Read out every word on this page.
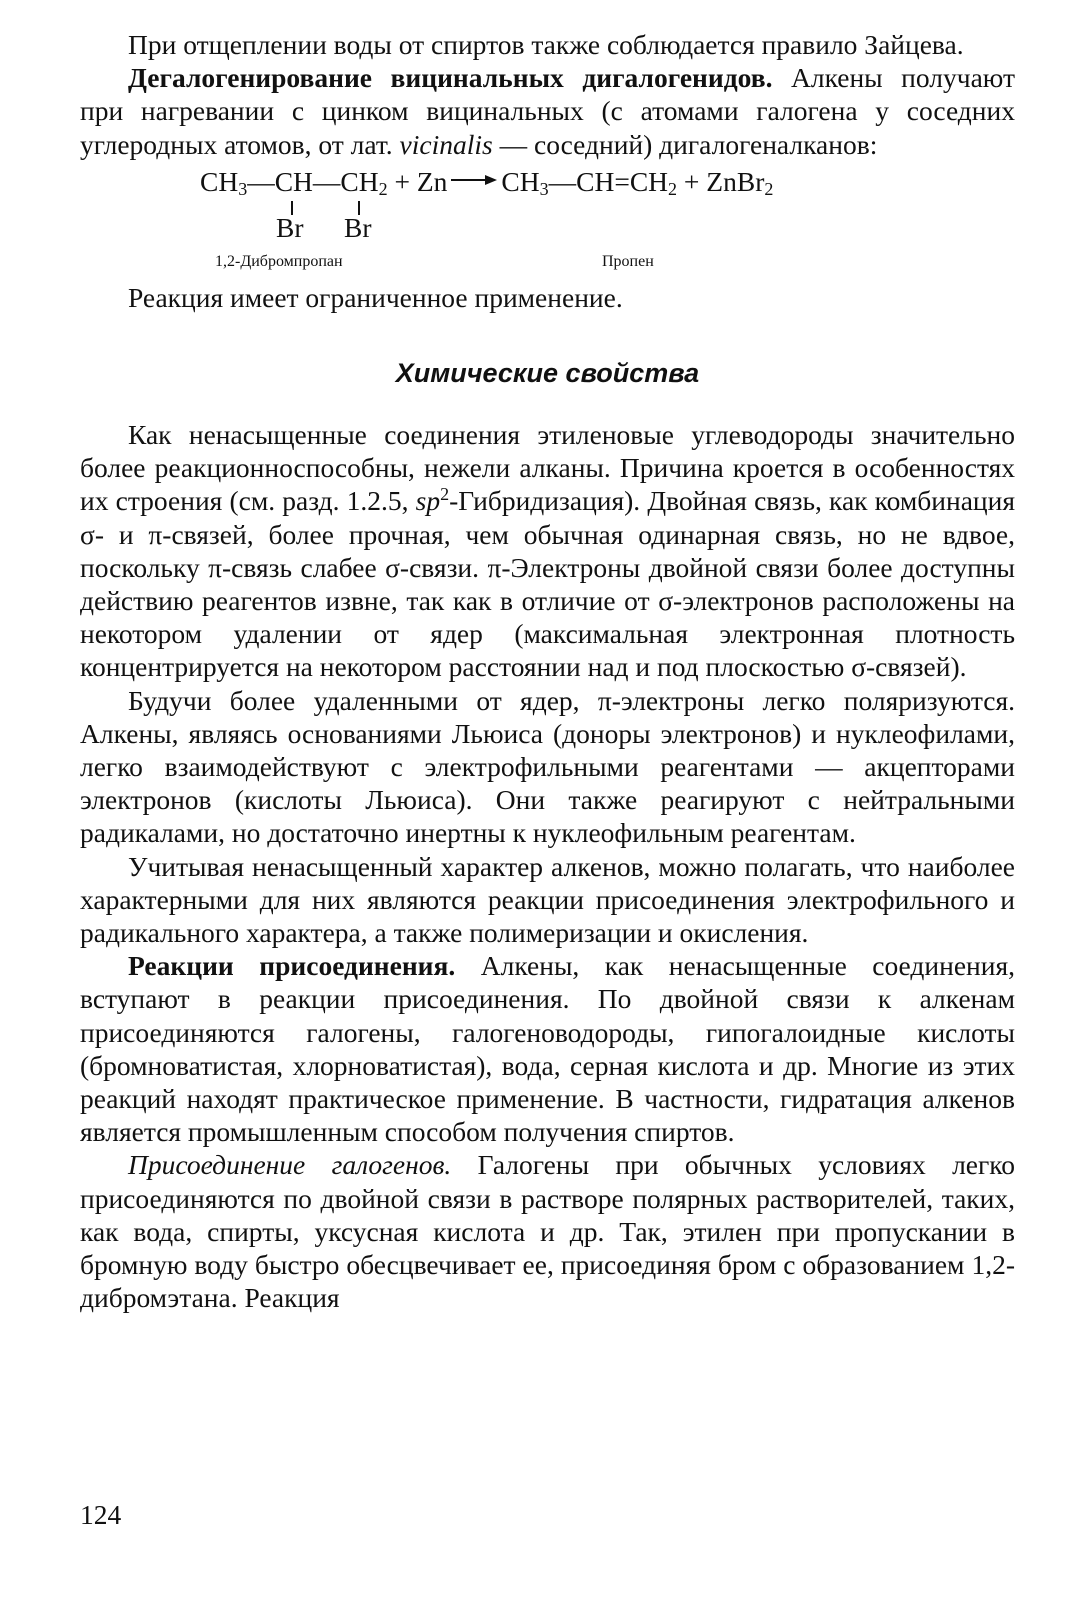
При отщеплении воды от спиртов также соблюдается правило Зайцева.

Дегалогенирование вицинальных дигалогенидов. Алкены получают при нагревании с цинком вицинальных (с атомами галогена у соседних углеродных атомов, от лат. vicinalis — соседний) дигалогеналканов:

$CH_3—CH—CH_2 + Zn$ $CH_3—CH=CH_2$ + ZnBr$_2$
Br Br
1,2-Дибромпропан	Пропен

Реакция имеет ограниченное применение.

Химические свойства

Как ненасыщенные соединения этиленовые углеводороды значительно более реакционноспособны, нежели алканы. Причина кроется в особенностях их строения (см. разд. 1.2.5, $sp^2-Гибридизация$). Двойная связь, как комбинация σ- и π-связей, более прочная, чем обычная одинарная связь, но не вдвое, поскольку π-связь слабее σ-связи. π-Электроны двойной связи более доступны действию реагентов извне, так как в отличие от σ-электронов расположены на некотором удалении от ядер (максимальная электронная плотность концентрируется на некотором расстоянии над и под плоскостью σ-связей).

Будучи более удаленными от ядер, π-электроны легко поляризуются. Алкены, являясь основаниями Льюиса (доноры электронов) и нуклеофилами, легко взаимодействуют с электрофильными реагентами — акцепторами электронов (кислоты Льюиса). Они также реагируют с нейтральными радикалами, но достаточно инертны к нуклеофильным реагентам.

Учитывая ненасыщенный характер алкенов, можно полагать, что наиболее характерными для них являются реакции присоединения электрофильного и радикального характера, а также полимеризации и окисления.

Реакции присоединения. Алкены, как ненасыщенные соединения, вступают в реакции присоединения. По двойной связи к алкенам присоединяются галогены, галогеноводороды, гипогалоидные кислоты (бромноватистая, хлорноватистая), вода, серная кислота и др. Многие из этих реакций находят практическое применение. В частности, гидратация алкенов является промышленным способом получения спиртов.

Присоединение галогенов. Галогены при обычных условиях легко присоединяются по двойной связи в растворе полярных растворителей, таких, как вода, спирты, уксусная кислота и др. Так, этилен при пропускании в бромную воду быстро обесцвечивает ее, присоединяя бром с образованием 1,2-дибромэтана. Реакция

124
